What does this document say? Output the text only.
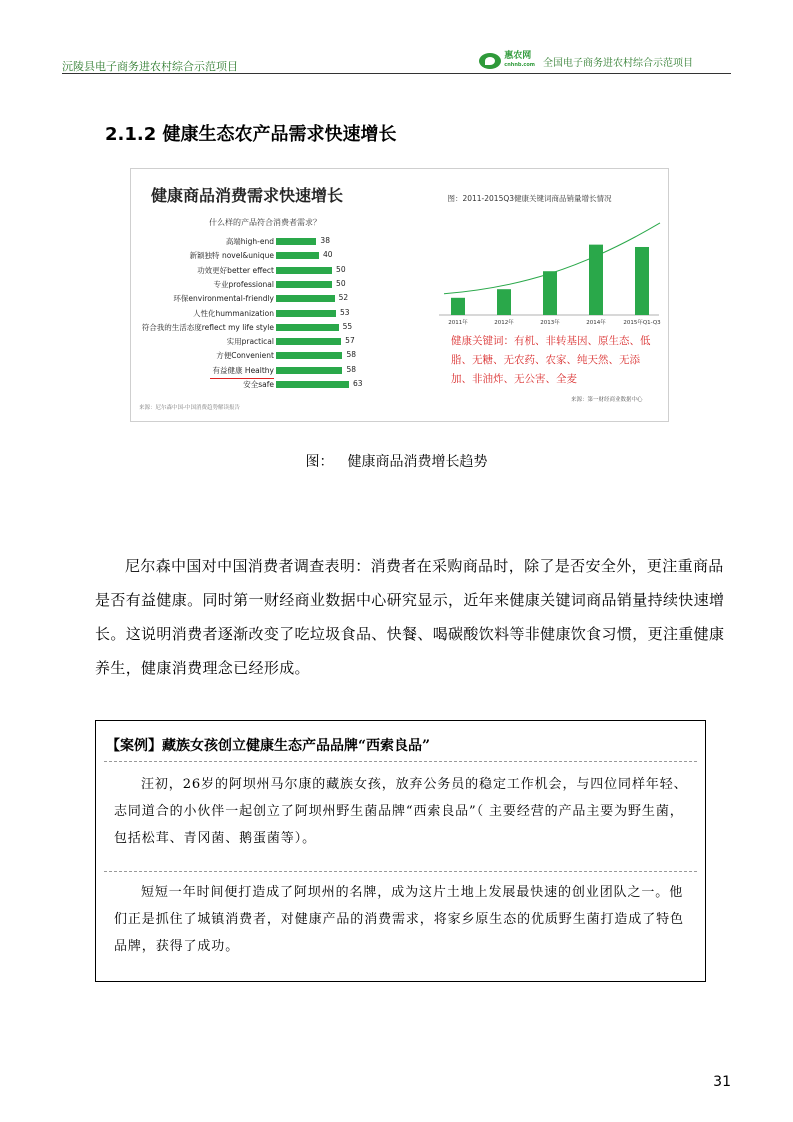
沅陵县电子商务进农村综合示范项目
惠农网
cnhnb.com 全国电子商务进农村综合示范项目
2.1.2 健康生态农产品需求快速增长
健康商品消费需求快速增长
什么样的产品符合消费者需求？
高端high-end	38
新颖独特 novel&unique	40
功效更好better effect	50
专业professional	50
环保environmental-friendly	52
人性化hummanization	53
符合我的生活态度reflect my life style	55
实用practical	57
方便Convenient	58
有益健康 Healthy	58
安全safe	63
来源：尼尔森中国-中国消费趋势解读报告
图：2011-2015Q3健康关键词商品销量增长情况
2011年	2012年	2013年	2014年	2015年Q1-Q3
健康关键词：有机、非转基因、原生态、低脂、无糖、无农药、农家、纯天然、无添加、非油炸、无公害、全麦
来源：第一财经商业数据中心
图： 健康商品消费增长趋势
尼尔森中国对中国消费者调查表明：消费者在采购商品时，除了是否安全外，更注重商品是否有益健康。同时第一财经商业数据中心研究显示，近年来健康关键词商品销量持续快速增长。这说明消费者逐渐改变了吃垃圾食品、快餐、喝碳酸饮料等非健康饮食习惯，更注重健康养生，健康消费理念已经形成。
【案例】藏族女孩创立健康生态产品品牌“西索良品”
汪初，26岁的阿坝州马尔康的藏族女孩，放弃公务员的稳定工作机会，与四位同样年轻、志同道合的小伙伴一起创立了阿坝州野生菌品牌“西索良品”（ 主要经营的产品主要为野生菌，包括松茸、青冈菌、鹅蛋菌等）。
短短一年时间便打造成了阿坝州的名牌，成为这片土地上发展最快速的创业团队之一。他们正是抓住了城镇消费者，对健康产品的消费需求，将家乡原生态的优质野生菌打造成了特色品牌，获得了成功。
31
